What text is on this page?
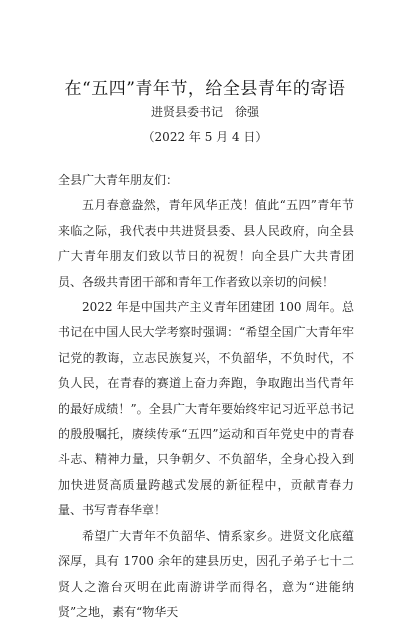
在“五四”青年节，给全县青年的寄语
进贤县委书记　徐强
（2022 年 5 月 4 日）

全县广大青年朋友们：

五月春意盎然，青年风华正茂！值此“五四”青年节来临之际，我代表中共进贤县委、县人民政府，向全县广大青年朋友们致以节日的祝贺！向全县广大共青团员、各级共青团干部和青年工作者致以亲切的问候！

2022 年是中国共产主义青年团建团 100 周年。总书记在中国人民大学考察时强调：“希望全国广大青年牢记党的教诲，立志民族复兴，不负韶华，不负时代，不负人民，在青春的赛道上奋力奔跑，争取跑出当代青年的最好成绩！”。全县广大青年要始终牢记习近平总书记的殷殷嘱托，赓续传承“五四”运动和百年党史中的青春斗志、精神力量，只争朝夕、不负韶华，全身心投入到加快进贤高质量跨越式发展的新征程中，贡献青春力量、书写青春华章！

希望广大青年不负韶华、情系家乡。进贤文化底蕴深厚，具有 1700 余年的建县历史，因孔子弟子七十二贤人之澹台灭明在此南游讲学而得名，意为“进能纳贤”之地，素有“物华天
